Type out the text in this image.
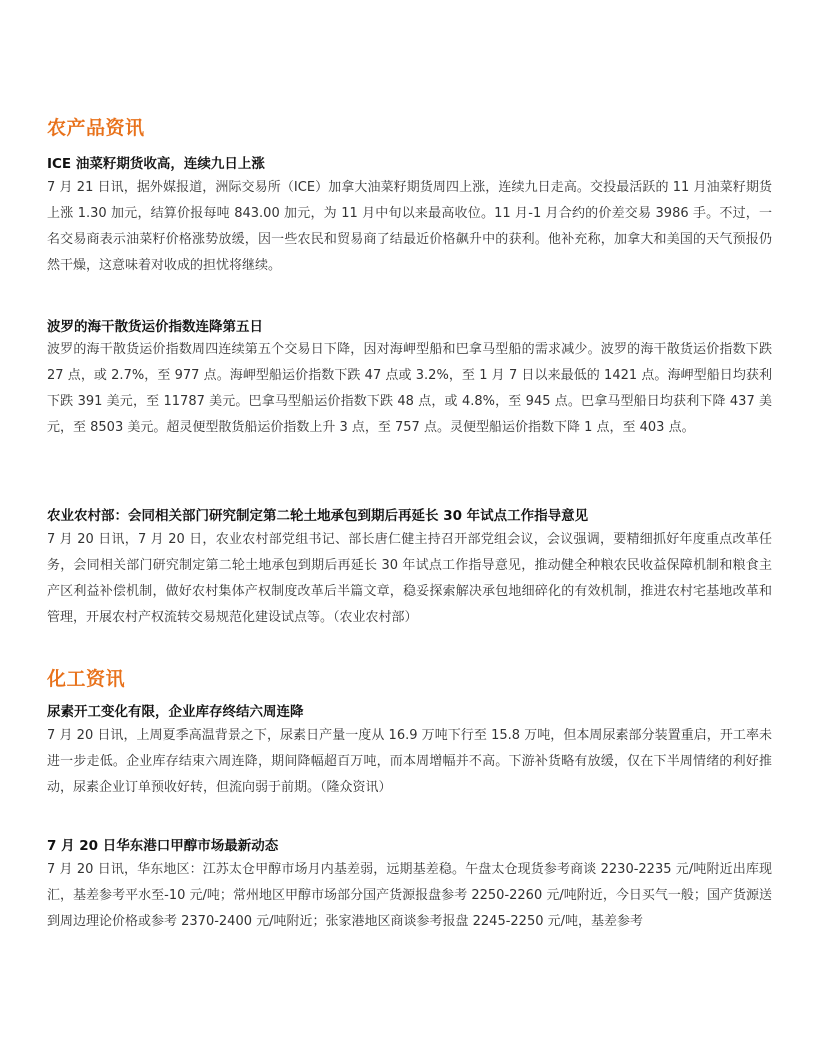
农产品资讯
ICE 油菜籽期货收高，连续九日上涨

7 月 21 日讯，据外媒报道，洲际交易所（ICE）加拿大油菜籽期货周四上涨，连续九日走高。交投最活跃的 11 月油菜籽期货上涨 1.30 加元，结算价报每吨 843.00 加元，为 11 月中旬以来最高收位。11 月-1 月合约的价差交易 3986 手。不过，一名交易商表示油菜籽价格涨势放缓，因一些农民和贸易商了结最近价格飙升中的获利。他补充称，加拿大和美国的天气预报仍然干燥，这意味着对收成的担忧将继续。

波罗的海干散货运价指数连降第五日

波罗的海干散货运价指数周四连续第五个交易日下降，因对海岬型船和巴拿马型船的需求减少。波罗的海干散货运价指数下跌 27 点，或 2.7%，至 977 点。海岬型船运价指数下跌 47 点或 3.2%，至 1 月 7 日以来最低的 1421 点。海岬型船日均获利下跌 391 美元，至 11787 美元。巴拿马型船运价指数下跌 48 点，或 4.8%，至 945 点。巴拿马型船日均获利下降 437 美元，至 8503 美元。超灵便型散货船运价指数上升 3 点，至 757 点。灵便型船运价指数下降 1 点，至 403 点。

农业农村部：会同相关部门研究制定第二轮土地承包到期后再延长 30 年试点工作指导意见

7 月 20 日讯，7 月 20 日，农业农村部党组书记、部长唐仁健主持召开部党组会议，会议强调，要精细抓好年度重点改革任务，会同相关部门研究制定第二轮土地承包到期后再延长 30 年试点工作指导意见，推动健全种粮农民收益保障机制和粮食主产区利益补偿机制，做好农村集体产权制度改革后半篇文章，稳妥探索解决承包地细碎化的有效机制，推进农村宅基地改革和管理，开展农村产权流转交易规范化建设试点等。（农业农村部）

化工资讯
尿素开工变化有限，企业库存终结六周连降

7 月 20 日讯，上周夏季高温背景之下，尿素日产量一度从 16.9 万吨下行至 15.8 万吨，但本周尿素部分装置重启，开工率未进一步走低。企业库存结束六周连降，期间降幅超百万吨，而本周增幅并不高。下游补货略有放缓，仅在下半周情绪的利好推动，尿素企业订单预收好转，但流向弱于前期。（隆众资讯）

7 月 20 日华东港口甲醇市场最新动态

7 月 20 日讯，华东地区：江苏太仓甲醇市场月内基差弱，远期基差稳。午盘太仓现货参考商谈 2230-2235 元/吨附近出库现汇，基差参考平水至-10 元/吨；常州地区甲醇市场部分国产货源报盘参考 2250-2260 元/吨附近，今日买气一般；国产货源送到周边理论价格或参考 2370-2400 元/吨附近；张家港地区商谈参考报盘 2245-2250 元/吨，基差参考
